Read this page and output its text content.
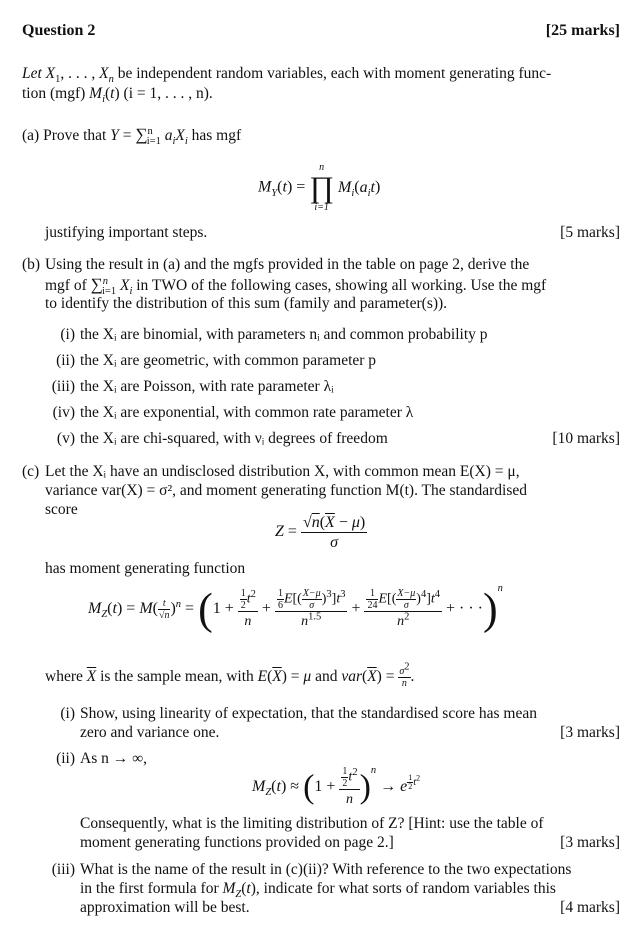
Question 2	[25 marks]
Let $X_1$, . . . , $X_n$ be independent random variables, each with moment generating func-
tion (mgf) $M_i(t) (i = 1$, . . . , n).
(a) Prove that Y = ∑$^n_{i=1}$ $a_iX_i$ has mgf
$M_Y(t)$ =
n
∏
i=1
$M_i(a_it)$
justifying important steps.	[5 marks]
(b) Using the result in (a) and the mgfs provided in the table on page 2, derive the
mgf of ∑$^n_{i=1}$ $X_i$ in TWO of the following cases, showing all working. Use the mgf
to identify the distribution of this sum (family and parameter(s)).
(i) the Xᵢ are binomial, with parameters nᵢ and common probability p
(ii) the Xᵢ are geometric, with common parameter p
(iii) the Xᵢ are Poisson, with rate parameter λᵢ
(iv) the Xᵢ are exponential, with common rate parameter λ
(v) the Xᵢ are chi-squared, with νᵢ degrees of freedom	[10 marks]
(c) Let the Xᵢ have an undisclosed distribution X, with common mean E(X) = μ,
variance var(X) = σ², and moment generating function M(t). The standardised
score
$Z = \frac{√n(\overline{X} - \mu)}{\sigma}$
has moment generating function
$M_Z(t) = M( \frac{t}{√n} )^n = (1 + \frac{\frac{1}{2} t^2}{n} + \frac{\frac{1}{6} E[( \frac{X-\mu}{\sigma} )^3]t^3}{n^{1.5}} + \frac{\frac{1}{24} E[( \frac{X-\mu}{\sigma} )^4]t^4}{n^2}$ + · · ·)$^n$
where $\overline{X}$ is the sample mean, with $E(\overline{X}) = \mu$ and $var(\overline{X}) = \frac{\sigma^2}{n}$ .
(i) Show, using linearity of expectation, that the standardised score has mean
zero and variance one.	[3 marks]
(ii) As n → ∞,
$M_Z(t) \approx (1 + \frac{\frac{1}{2} t^2}{n} )^n \to e$ $^{\frac{1}{2} t^2}$
Consequently, what is the limiting distribution of Z? [Hint: use the table of
moment generating functions provided on page 2.]	[3 marks]
(iii) What is the name of the result in (c)(ii)? With reference to the two expectations
in the first formula for $M_Z(t)$, indicate for what sorts of random variables this
approximation will be best.	[4 marks]
